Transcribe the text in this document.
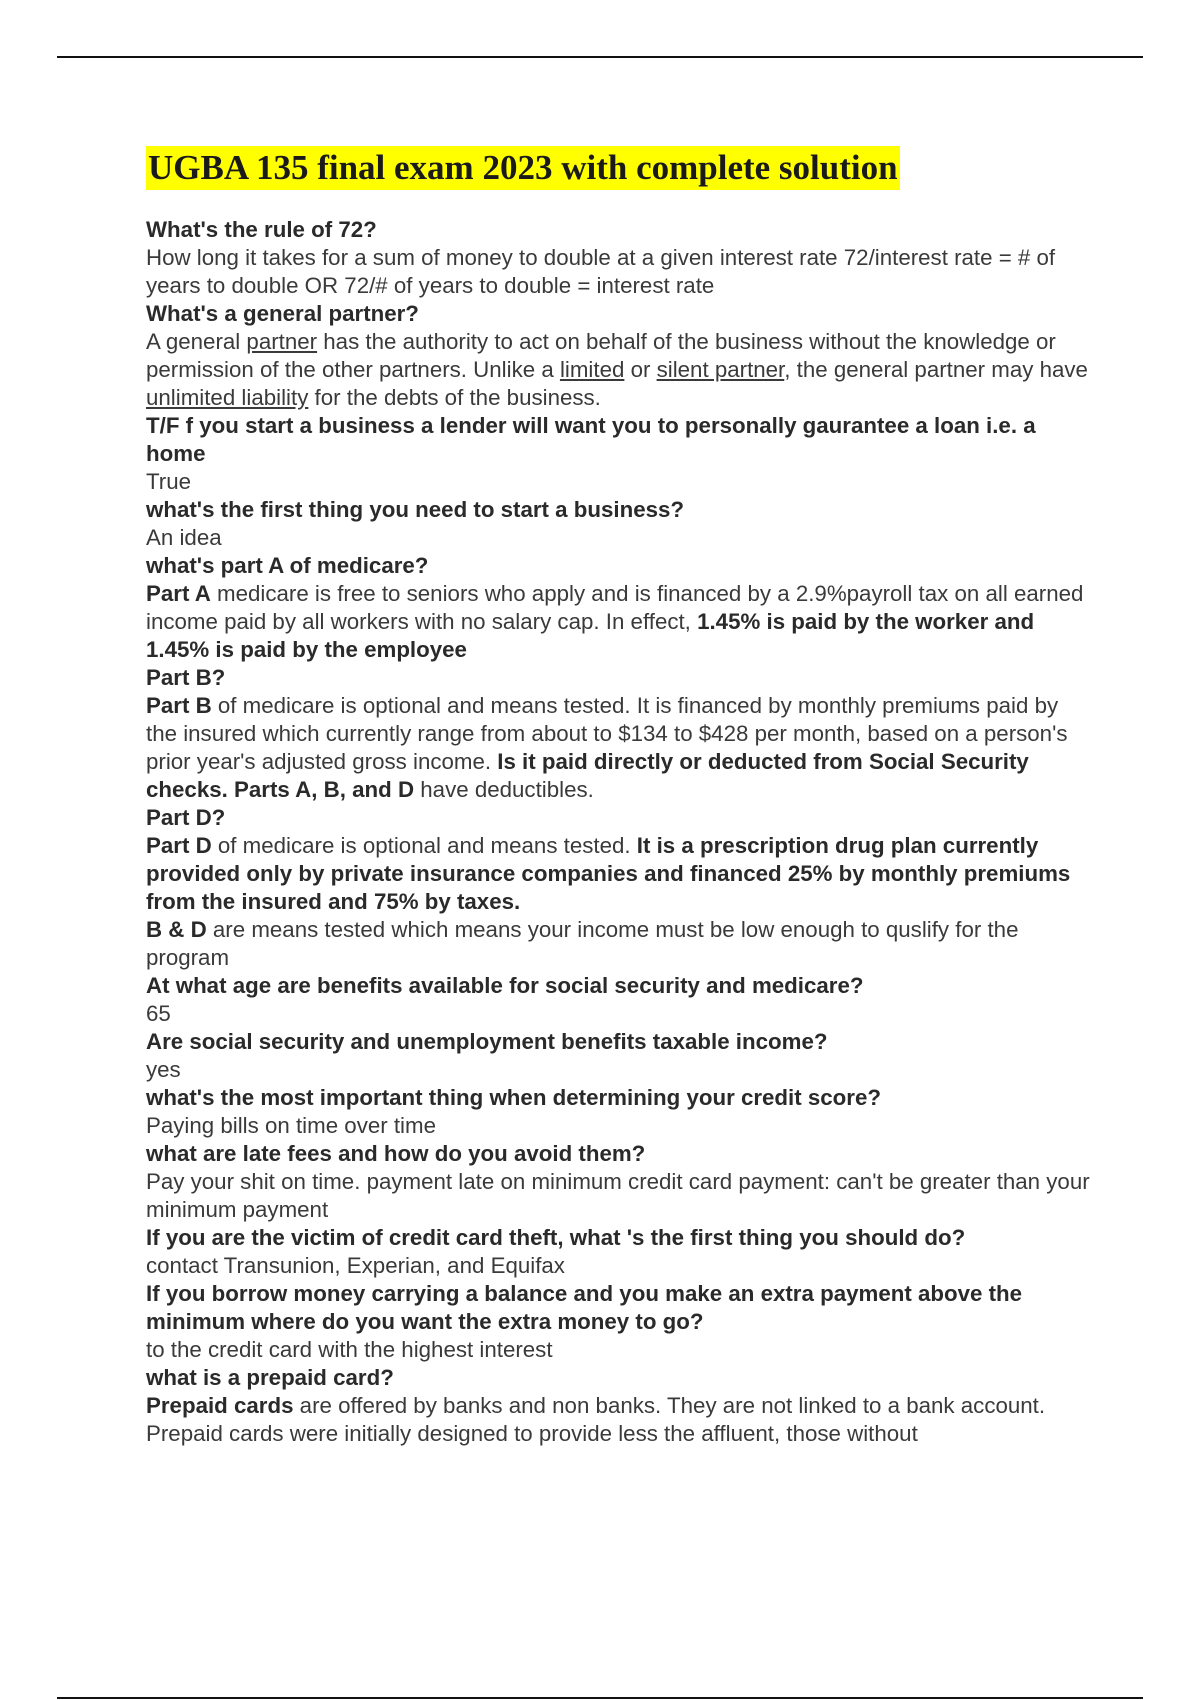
UGBA 135 final exam 2023 with complete solution

What's the rule of 72?

How long it takes for a sum of money to double at a given interest rate 72/interest rate = # of years to double OR 72/# of years to double = interest rate

What's a general partner?

A general partner has the authority to act on behalf of the business without the knowledge or permission of the other partners. Unlike a limited or silent partner, the general partner may have unlimited liability for the debts of the business.

T/F f you start a business a lender will want you to personally gaurantee a loan i.e. a home

True

what's the first thing you need to start a business?

An idea

what's part A of medicare?

Part A medicare is free to seniors who apply and is financed by a 2.9%payroll tax on all earned income paid by all workers with no salary cap. In effect, 1.45% is paid by the worker and 1.45% is paid by the employee

Part B?

Part B of medicare is optional and means tested. It is financed by monthly premiums paid by the insured which currently range from about to $134 to $428 per month, based on a person's prior year's adjusted gross income. Is it paid directly or deducted from Social Security checks. Parts A, B, and D have deductibles.

Part D?

Part D of medicare is optional and means tested. It is a prescription drug plan currently provided only by private insurance companies and financed 25% by monthly premiums from the insured and 75% by taxes.

B & D are means tested which means your income must be low enough to quslify for the program

At what age are benefits available for social security and medicare?

65

Are social security and unemployment benefits taxable income?

yes

what's the most important thing when determining your credit score?

Paying bills on time over time

what are late fees and how do you avoid them?

Pay your shit on time. payment late on minimum credit card payment: can't be greater than your minimum payment

If you are the victim of credit card theft, what 's the first thing you should do?

contact Transunion, Experian, and Equifax

If you borrow money carrying a balance and you make an extra payment above the minimum where do you want the extra money to go?

to the credit card with the highest interest

what is a prepaid card?

Prepaid cards are offered by banks and non banks. They are not linked to a bank account. Prepaid cards were initially designed to provide less the affluent, those without
